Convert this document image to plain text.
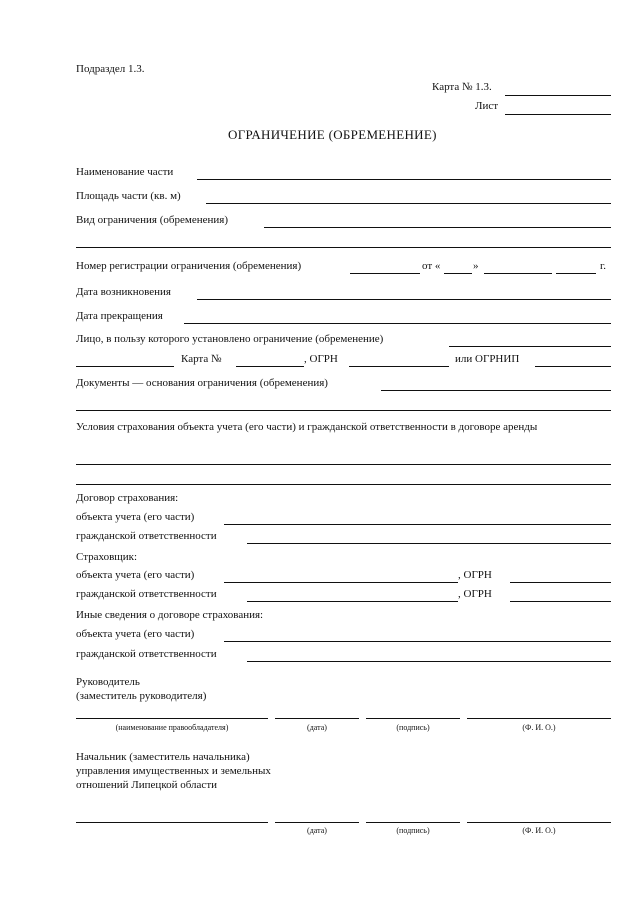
Подраздел 1.3.
Карта № 1.3.
Лист
ОГРАНИЧЕНИЕ (ОБРЕМЕНЕНИЕ)
Наименование части
Площадь части (кв. м)
Вид ограничения (обременения)
Номер регистрации ограничения (обременения)	от «	»	г.
Дата возникновения
Дата прекращения
Лицо, в пользу которого установлено ограничение (обременение)
Карта №	, ОГРН	или ОГРНИП
Документы — основания ограничения (обременения)
Условия страхования объекта учета (его части) и гражданской ответственности в договоре аренды
Договор страхования:
объекта учета (его части)
гражданской ответственности
Страховщик:
объекта учета (его части)	, ОГРН
гражданской ответственности	, ОГРН
Иные сведения о договоре страхования:
объекта учета (его части)
гражданской ответственности
Руководитель
(заместитель руководителя)
(наименование правообладателя)	(дата)	(подпись)	(Ф. И. О.)
Начальник (заместитель начальника)
управления имущественных и земельных
отношений Липецкой области
(дата)	(подпись)	(Ф. И. О.)
